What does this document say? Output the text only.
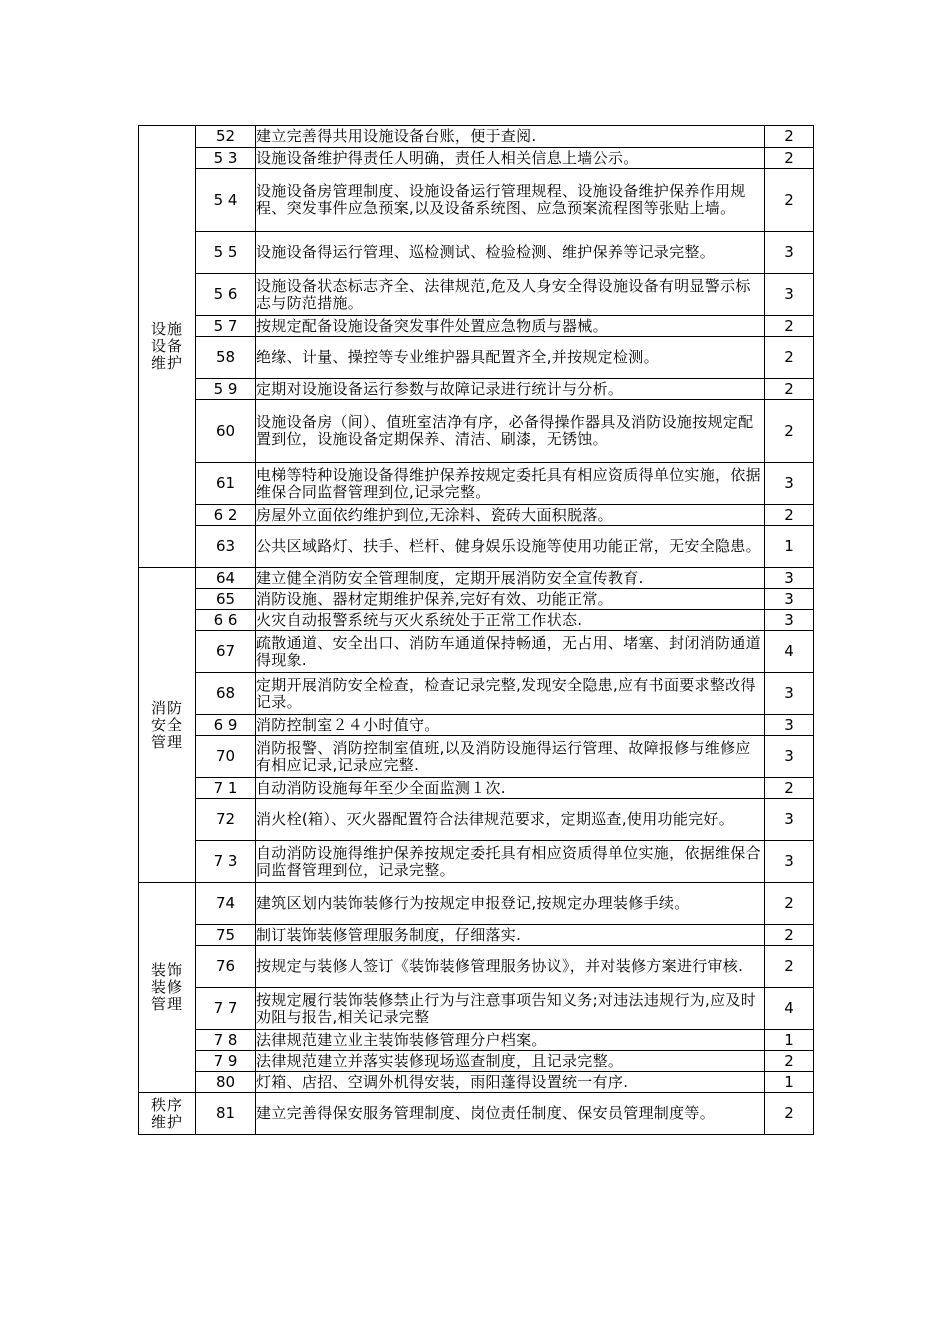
设施
设备
维护	52	建立完善得共用设施设备台账，便于查阅.	2
	5 3	设施设备维护得责任人明确，责任人相关信息上墙公示。	2
	5 4	设施设备房管理制度、设施设备运行管理规程、设施设备维护保养作用规程、突发事件应急预案,以及设备系统图、应急预案流程图等张贴上墙。	2
	5 5	设施设备得运行管理、巡检测试、检验检测、维护保养等记录完整。	3
	5 6	设施设备状态标志齐全、法律规范,危及人身安全得设施设备有明显警示标志与防范措施。	3
	5 7	按规定配备设施设备突发事件处置应急物质与器械。	2
	58	绝缘、计量、操控等专业维护器具配置齐全,并按规定检测。	2
	5 9	定期对设施设备运行参数与故障记录进行统计与分析。	2
	60	设施设备房（间）、值班室洁净有序，必备得操作器具及消防设施按规定配置到位，设施设备定期保养、清洁、刷漆，无锈蚀。	2
	61	电梯等特种设施设备得维护保养按规定委托具有相应资质得单位实施，依据维保合同监督管理到位,记录完整。	3
	6 2	房屋外立面依约维护到位,无涂料、瓷砖大面积脱落。	2
	63	公共区域路灯、扶手、栏杆、健身娱乐设施等使用功能正常，无安全隐患。	1

消防
安全
管理	64	建立健全消防安全管理制度，定期开展消防安全宣传教育.	3
	65	消防设施、器材定期维护保养,完好有效、功能正常。	3
	6 6	火灾自动报警系统与灭火系统处于正常工作状态.	3
	67	疏散通道、安全出口、消防车通道保持畅通，无占用、堵塞、封闭消防通道得现象.	4
	68	定期开展消防安全检查，检查记录完整,发现安全隐患,应有书面要求整改得记录。	3
	6 9	消防控制室２４小时值守。	3
	70	消防报警、消防控制室值班,以及消防设施得运行管理、故障报修与维修应有相应记录,记录应完整.	3
	7 1	自动消防设施每年至少全面监测１次.	2
	72	消火栓(箱）、灭火器配置符合法律规范要求，定期巡查,使用功能完好。	3
	7 3	自动消防设施得维护保养按规定委托具有相应资质得单位实施，依据维保合同监督管理到位，记录完整。	3

装饰
装修
管理	74	建筑区划内装饰装修行为按规定申报登记,按规定办理装修手续。	2
	75	制订装饰装修管理服务制度，仔细落实.	2
	76	按规定与装修人签订《装饰装修管理服务协议》，并对装修方案进行审核.	2
	7 7	按规定履行装饰装修禁止行为与注意事项告知义务;对违法违规行为,应及时劝阻与报告,相关记录完整	4
	7 8	法律规范建立业主装饰装修管理分户档案。	1
	7 9	法律规范建立并落实装修现场巡查制度，且记录完整。	2
	80	灯箱、店招、空调外机得安装，雨阳蓬得设置统一有序.	1

秩序
维护	81	建立完善得保安服务管理制度、岗位责任制度、保安员管理制度等。	2
